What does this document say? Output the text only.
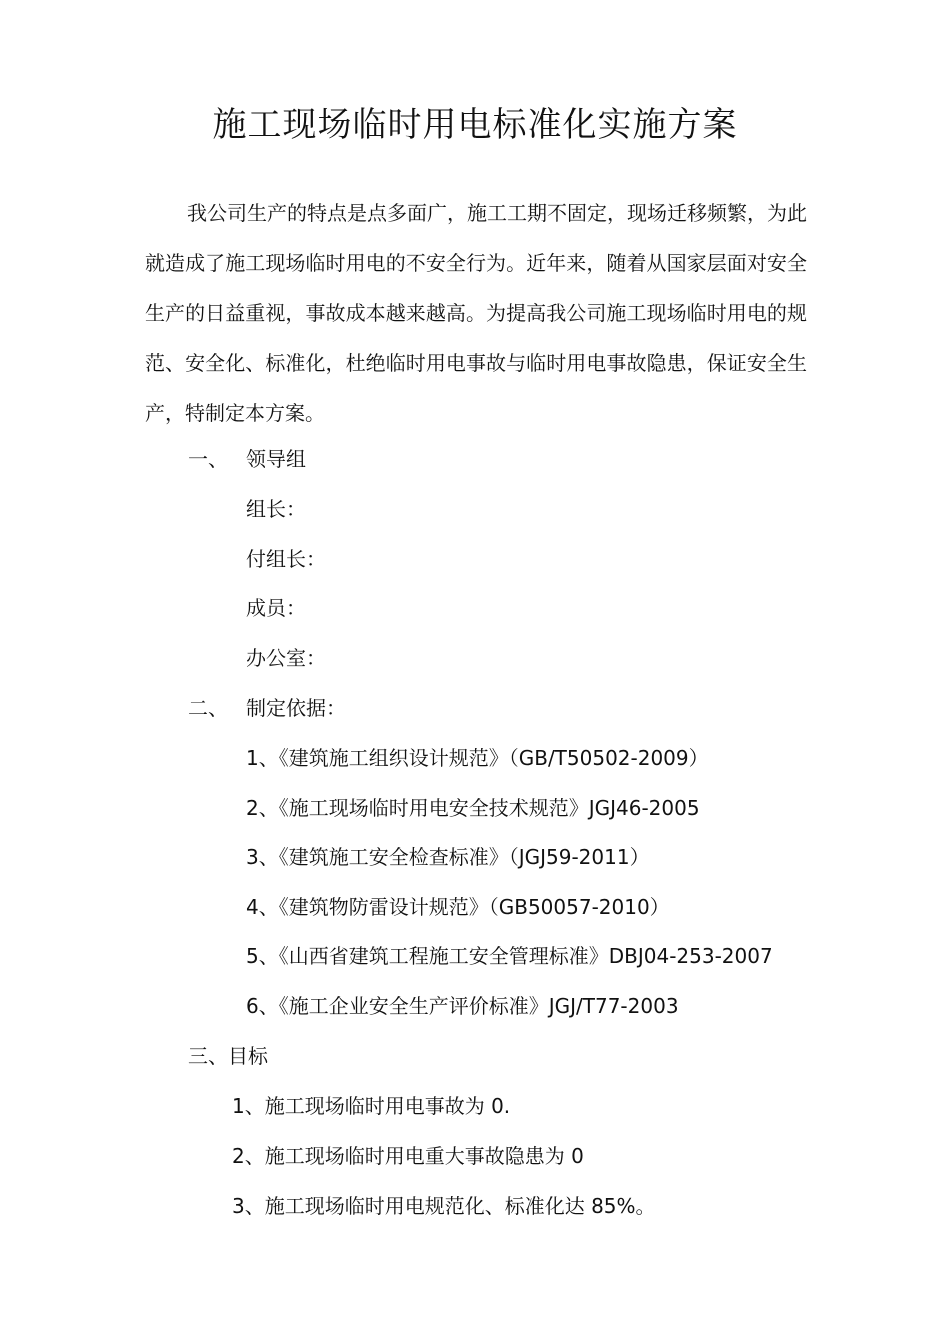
施工现场临时用电标准化实施方案

我公司生产的特点是点多面广，施工工期不固定，现场迁移频繁，为此就造成了施工现场临时用电的不安全行为。近年来，随着从国家层面对安全生产的日益重视，事故成本越来越高。为提高我公司施工现场临时用电的规范、安全化、标准化，杜绝临时用电事故与临时用电事故隐患，保证安全生产，特制定本方案。

一、 领导组
组长：
付组长：
成员：
办公室：
二、 制定依据：
1、《建筑施工组织设计规范》（GB/T50502-2009）
2、《施工现场临时用电安全技术规范》JGJ46-2005
3、《建筑施工安全检查标准》（JGJ59-2011）
4、《建筑物防雷设计规范》（GB50057-2010）
5、《山西省建筑工程施工安全管理标准》DBJ04-253-2007
6、《施工企业安全生产评价标准》JGJ/T77-2003
三、目标
1、施工现场临时用电事故为 0.
2、施工现场临时用电重大事故隐患为 0
3、施工现场临时用电规范化、标准化达 85%。
